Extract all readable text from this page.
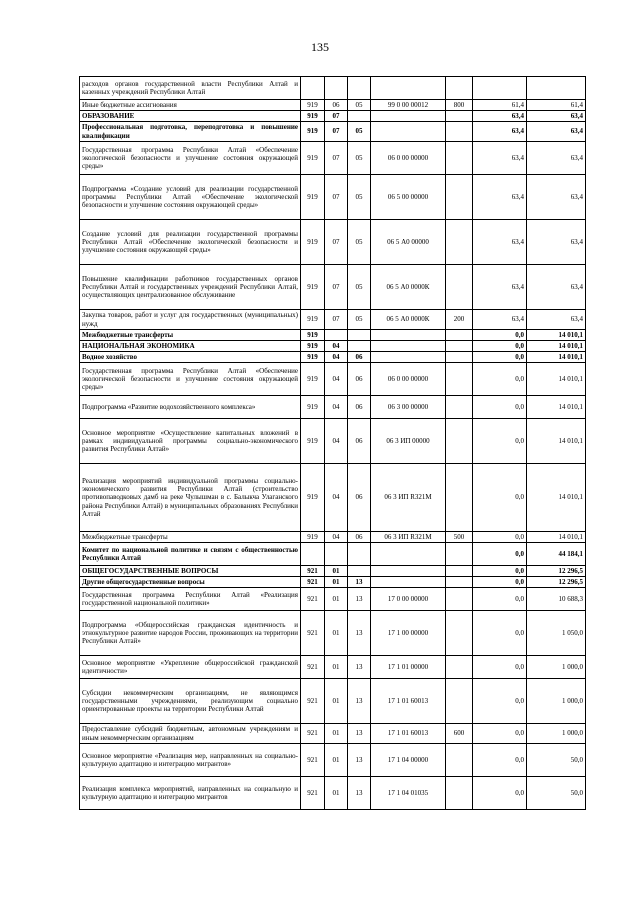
135
расходов органов государственной власти Республики Алтай и казенных учреждений Республики Алтай							
Иные бюджетные ассигнования	919	06	05	99 0 00 00012	800	61,4	61,4
ОБРАЗОВАНИЕ	919	07				63,4	63,4
Профессиональная подготовка, переподготовка и повышение квалификации	919	07	05			63,4	63,4
Государственная программа Республики Алтай «Обеспечение экологической безопасности и улучшение состояния окружающей среды»	919	07	05	06 0 00 00000		63,4	63,4
Подпрограмма «Создание условий для реализации государственной программы Республики Алтай «Обеспечение экологической безопасности и улучшение состояния окружающей среды»	919	07	05	06 5 00 00000		63,4	63,4
Создание условий для реализации государственной программы Республики Алтай «Обеспечение экологической безопасности и улучшение состояния окружающей среды»	919	07	05	06 5 А0 00000		63,4	63,4
Повышение квалификации работников государственных органов Республики Алтай и государственных учреждений Республики Алтай, осуществляющих централизованное обслуживание	919	07	05	06 5 А0 0000К		63,4	63,4
Закупка товаров, работ и услуг для государственных (муниципальных) нужд	919	07	05	06 5 А0 0000К	200	63,4	63,4
Межбюджетные трансферты	919					0,0	14 010,1
НАЦИОНАЛЬНАЯ ЭКОНОМИКА	919	04				0,0	14 010,1
Водное хозяйство	919	04	06			0,0	14 010,1
Государственная программа Республики Алтай «Обеспечение экологической безопасности и улучшение состояния окружающей среды»	919	04	06	06 0 00 00000		0,0	14 010,1
Подпрограмма «Развитие водохозяйственного комплекса»	919	04	06	06 3 00 00000		0,0	14 010,1
Основное мероприятие «Осуществление капитальных вложений в рамках индивидуальной программы социально-экономического развития Республики Алтай»	919	04	06	06 3 ИП 00000		0,0	14 010,1
Реализация мероприятий индивидуальной программы социально-экономического развития Республики Алтай (строительство противопаводковых дамб на реке Чулышман в с. Балыкча Улаганского района Республики Алтай) в муниципальных образованиях Республики Алтай	919	04	06	06 3 ИП R321М		0,0	14 010,1
Межбюджетные трансферты	919	04	06	06 3 ИП R321М	500	0,0	14 010,1
Комитет по национальной политике и связям с общественностью Республики Алтай						0,0	44 184,1
ОБЩЕГОСУДАРСТВЕННЫЕ ВОПРОСЫ	921	01				0,0	12 296,5
Другие общегосударственные вопросы	921	01	13			0,0	12 296,5
Государственная программа Республики Алтай «Реализация государственной национальной политики»	921	01	13	17 0 00 00000		0,0	10 688,3
Подпрограмма «Общероссийская гражданская идентичность и этнокультурное развитие народов России, проживающих на территории Республики Алтай»	921	01	13	17 1 00 00000		0,0	1 050,0
Основное мероприятие «Укрепление общероссийской гражданской идентичности»	921	01	13	17 1 01 00000		0,0	1 000,0
Субсидии некоммерческим организациям, не являющимся государственными учреждениями, реализующим социально ориентированные проекты на территории Республики Алтай	921	01	13	17 1 01 60013		0,0	1 000,0
Предоставление субсидий бюджетным, автономным учреждениям и иным некоммерческим организациям	921	01	13	17 1 01 60013	600	0,0	1 000,0
Основное мероприятие «Реализация мер, направленных на социально-культурную адаптацию и интеграцию мигрантов»	921	01	13	17 1 04 00000		0,0	50,0
Реализация комплекса мероприятий, направленных на социальную и культурную адаптацию и интеграцию мигрантов	921	01	13	17 1 04 01035		0,0	50,0
